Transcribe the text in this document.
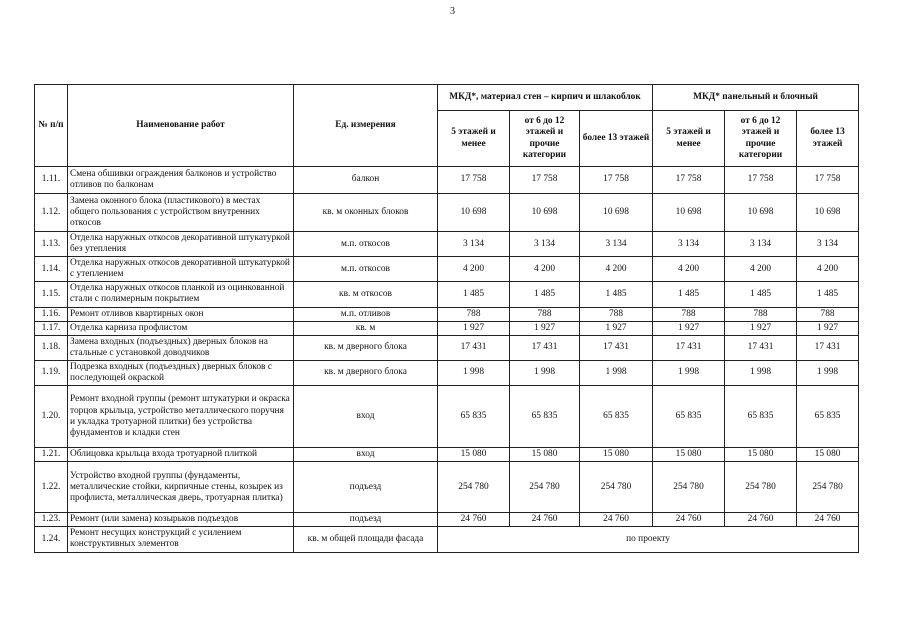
3
№ п/п	Наименование работ	Ед. измерения	МКД*, материал стен – кирпич и шлакоблок			МКД* панельный и блочный		
			5 этажей и менее	от 6 до 12 этажей и прочие категории	более 13 этажей	5 этажей и менее	от 6 до 12 этажей и прочие категории	более 13 этажей
1.11.	Смена обшивки ограждения балконов и устройство отливов по балконам	балкон	17 758	17 758	17 758	17 758	17 758	17 758
1.12.	Замена оконного блока (пластикового) в местах общего пользования с устройством внутренних откосов	кв. м оконных блоков	10 698	10 698	10 698	10 698	10 698	10 698
1.13.	Отделка наружных откосов декоративной штукатуркой без утепления	м.п. откосов	3 134	3 134	3 134	3 134	3 134	3 134
1.14.	Отделка наружных откосов декоративной штукатуркой с утеплением	м.п. откосов	4 200	4 200	4 200	4 200	4 200	4 200
1.15.	Отделка наружных откосов планкой из оцинкованной стали с полимерным покрытием	кв. м откосов	1 485	1 485	1 485	1 485	1 485	1 485
1.16.	Ремонт отливов квартирных окон	м.п. отливов	788	788	788	788	788	788
1.17.	Отделка карниза профлистом	кв. м	1 927	1 927	1 927	1 927	1 927	1 927
1.18.	Замена входных (подъездных) дверных блоков на стальные с установкой доводчиков	кв. м дверного блока	17 431	17 431	17 431	17 431	17 431	17 431
1.19.	Подрезка входных (подъездных) дверных блоков с последующей окраской	кв. м дверного блока	1 998	1 998	1 998	1 998	1 998	1 998
1.20.	Ремонт входной группы (ремонт штукатурки и окраска торцов крыльца, устройство металлического поручня и укладка тротуарной плитки) без устройства фундаментов и кладки стен	вход	65 835	65 835	65 835	65 835	65 835	65 835
1.21.	Облицовка крыльца входа тротуарной плиткой	вход	15 080	15 080	15 080	15 080	15 080	15 080
1.22.	Устройство входной группы (фундаменты, металлические стойки, кирпичные стены, козырек из профлиста, металлическая дверь, тротуарная плитка)	подъезд	254 780	254 780	254 780	254 780	254 780	254 780
1.23.	Ремонт (или замена) козырьков подъездов	подъезд	24 760	24 760	24 760	24 760	24 760	24 760
1.24.	Ремонт несущих конструкций с усилением конструктивных элементов	кв. м общей площади фасада	по проекту					
